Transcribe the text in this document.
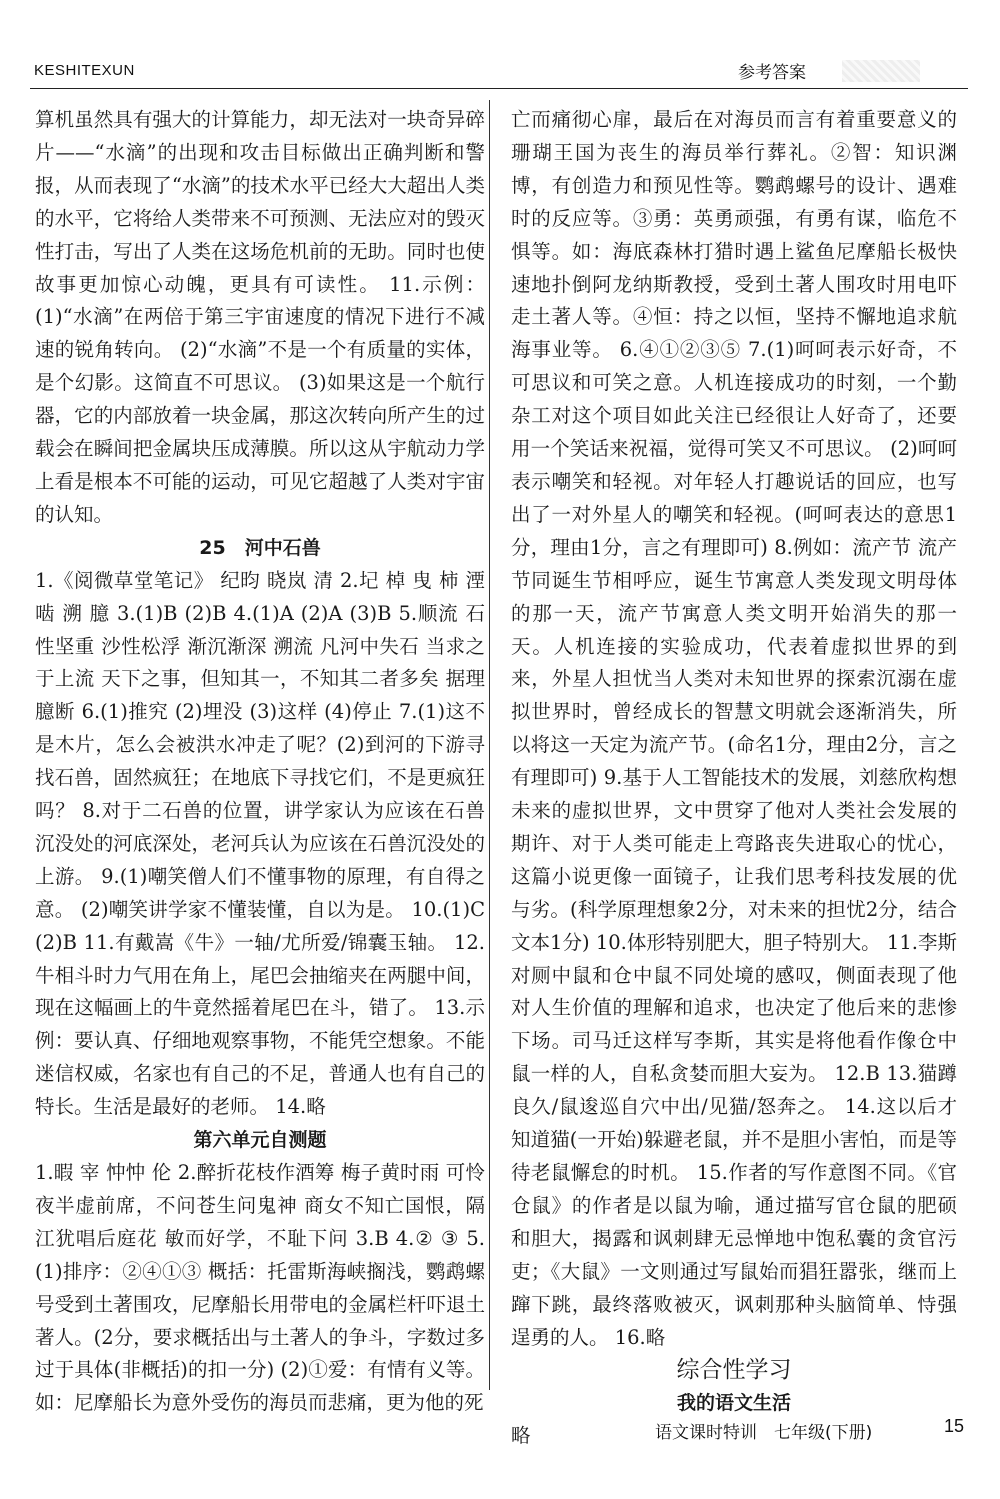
KESHITEXUN	参考答案

算机虽然具有强大的计算能力，却无法对一块奇异碎片——“水滴”的出现和攻击目标做出正确判断和警报，从而表现了“水滴”的技术水平已经大大超出人类的水平，它将给人类带来不可预测、无法应对的毁灭性打击，写出了人类在这场危机前的无助。同时也使故事更加惊心动魄，更具有可读性。 11.示例：(1)“水滴”在两倍于第三宇宙速度的情况下进行不减速的锐角转向。 (2)“水滴”不是一个有质量的实体，是个幻影。这简直不可思议。 (3)如果这是一个航行器，它的内部放着一块金属，那这次转向所产生的过载会在瞬间把金属块压成薄膜。所以这从宇航动力学上看是根本不可能的运动，可见它超越了人类对宇宙的认知。

25　河中石兽

1.《阅微草堂笔记》 纪昀 晓岚 清 2.圮 棹 曳 柿 湮 啮 溯 臆 3.(1)B (2)B 4.(1)A (2)A (3)B 5.顺流 石性坚重 沙性松浮 渐沉渐深 溯流 凡河中失石 当求之于上流 天下之事，但知其一，不知其二者多矣 据理臆断 6.(1)推究 (2)埋没 (3)这样 (4)停止 7.(1)这不是木片，怎么会被洪水冲走了呢？(2)到河的下游寻找石兽，固然疯狂；在地底下寻找它们，不是更疯狂吗？ 8.对于二石兽的位置，讲学家认为应该在石兽沉没处的河底深处，老河兵认为应该在石兽沉没处的上游。 9.(1)嘲笑僧人们不懂事物的原理，有自得之意。 (2)嘲笑讲学家不懂装懂，自以为是。 10.(1)C (2)B 11.有戴嵩《牛》一轴/尤所爱/锦囊玉轴。 12.牛相斗时力气用在角上，尾巴会抽缩夹在两腿中间，现在这幅画上的牛竟然摇着尾巴在斗，错了。 13.示例：要认真、仔细地观察事物，不能凭空想象。不能迷信权威，名家也有自己的不足，普通人也有自己的特长。生活是最好的老师。 14.略

第六单元自测题

1.暇 宰 忡忡 伦 2.醉折花枝作酒筹 梅子黄时雨 可怜夜半虚前席，不问苍生问鬼神 商女不知亡国恨，隔江犹唱后庭花 敏而好学，不耻下问 3.B 4.② ③ 5.(1)排序：②④①③ 概括：托雷斯海峡搁浅，鹦鹉螺号受到土著围攻，尼摩船长用带电的金属栏杆吓退土著人。(2分，要求概括出与土著人的争斗，字数过多过于具体(非概括)的扣一分) (2)①爱：有情有义等。如：尼摩船长为意外受伤的海员而悲痛，更为他的死

亡而痛彻心扉，最后在对海员而言有着重要意义的珊瑚王国为丧生的海员举行葬礼。②智：知识渊博，有创造力和预见性等。鹦鹉螺号的设计、遇难时的反应等。③勇：英勇顽强，有勇有谋，临危不惧等。如：海底森林打猎时遇上鲨鱼尼摩船长极快速地扑倒阿龙纳斯教授，受到土著人围攻时用电吓走土著人等。④恒：持之以恒，坚持不懈地追求航海事业等。 6.④①②③⑤ 7.(1)呵呵表示好奇，不可思议和可笑之意。人机连接成功的时刻，一个勤杂工对这个项目如此关注已经很让人好奇了，还要用一个笑话来祝福，觉得可笑又不可思议。 (2)呵呵表示嘲笑和轻视。对年轻人打趣说话的回应，也写出了一对外星人的嘲笑和轻视。(呵呵表达的意思1分，理由1分，言之有理即可) 8.例如：流产节 流产节同诞生节相呼应，诞生节寓意人类发现文明母体的那一天，流产节寓意人类文明开始消失的那一天。人机连接的实验成功，代表着虚拟世界的到来，外星人担忧当人类对未知世界的探索沉溺在虚拟世界时，曾经成长的智慧文明就会逐渐消失，所以将这一天定为流产节。(命名1分，理由2分，言之有理即可) 9.基于人工智能技术的发展，刘慈欣构想未来的虚拟世界，文中贯穿了他对人类社会发展的期许、对于人类可能走上弯路丧失进取心的忧心，这篇小说更像一面镜子，让我们思考科技发展的优与劣。(科学原理想象2分，对未来的担忧2分，结合文本1分) 10.体形特别肥大，胆子特别大。 11.李斯对厕中鼠和仓中鼠不同处境的感叹，侧面表现了他对人生价值的理解和追求，也决定了他后来的悲惨下场。司马迁这样写李斯，其实是将他看作像仓中鼠一样的人，自私贪婪而胆大妄为。 12.B 13.猫蹲良久/鼠逡巡自穴中出/见猫/怒奔之。 14.这以后才知道猫(一开始)躲避老鼠，并不是胆小害怕，而是等待老鼠懈怠的时机。 15.作者的写作意图不同。《官仓鼠》的作者是以鼠为喻，通过描写官仓鼠的肥硕和胆大，揭露和讽刺肆无忌惮地中饱私囊的贪官污吏；《大鼠》一文则通过写鼠始而猖狂嚣张，继而上蹿下跳，最终落败被灭，讽刺那种头脑简单、恃强逞勇的人。 16.略

综合性学习

我的语文生活

略	语文课时特训　七年级(下册)	15
